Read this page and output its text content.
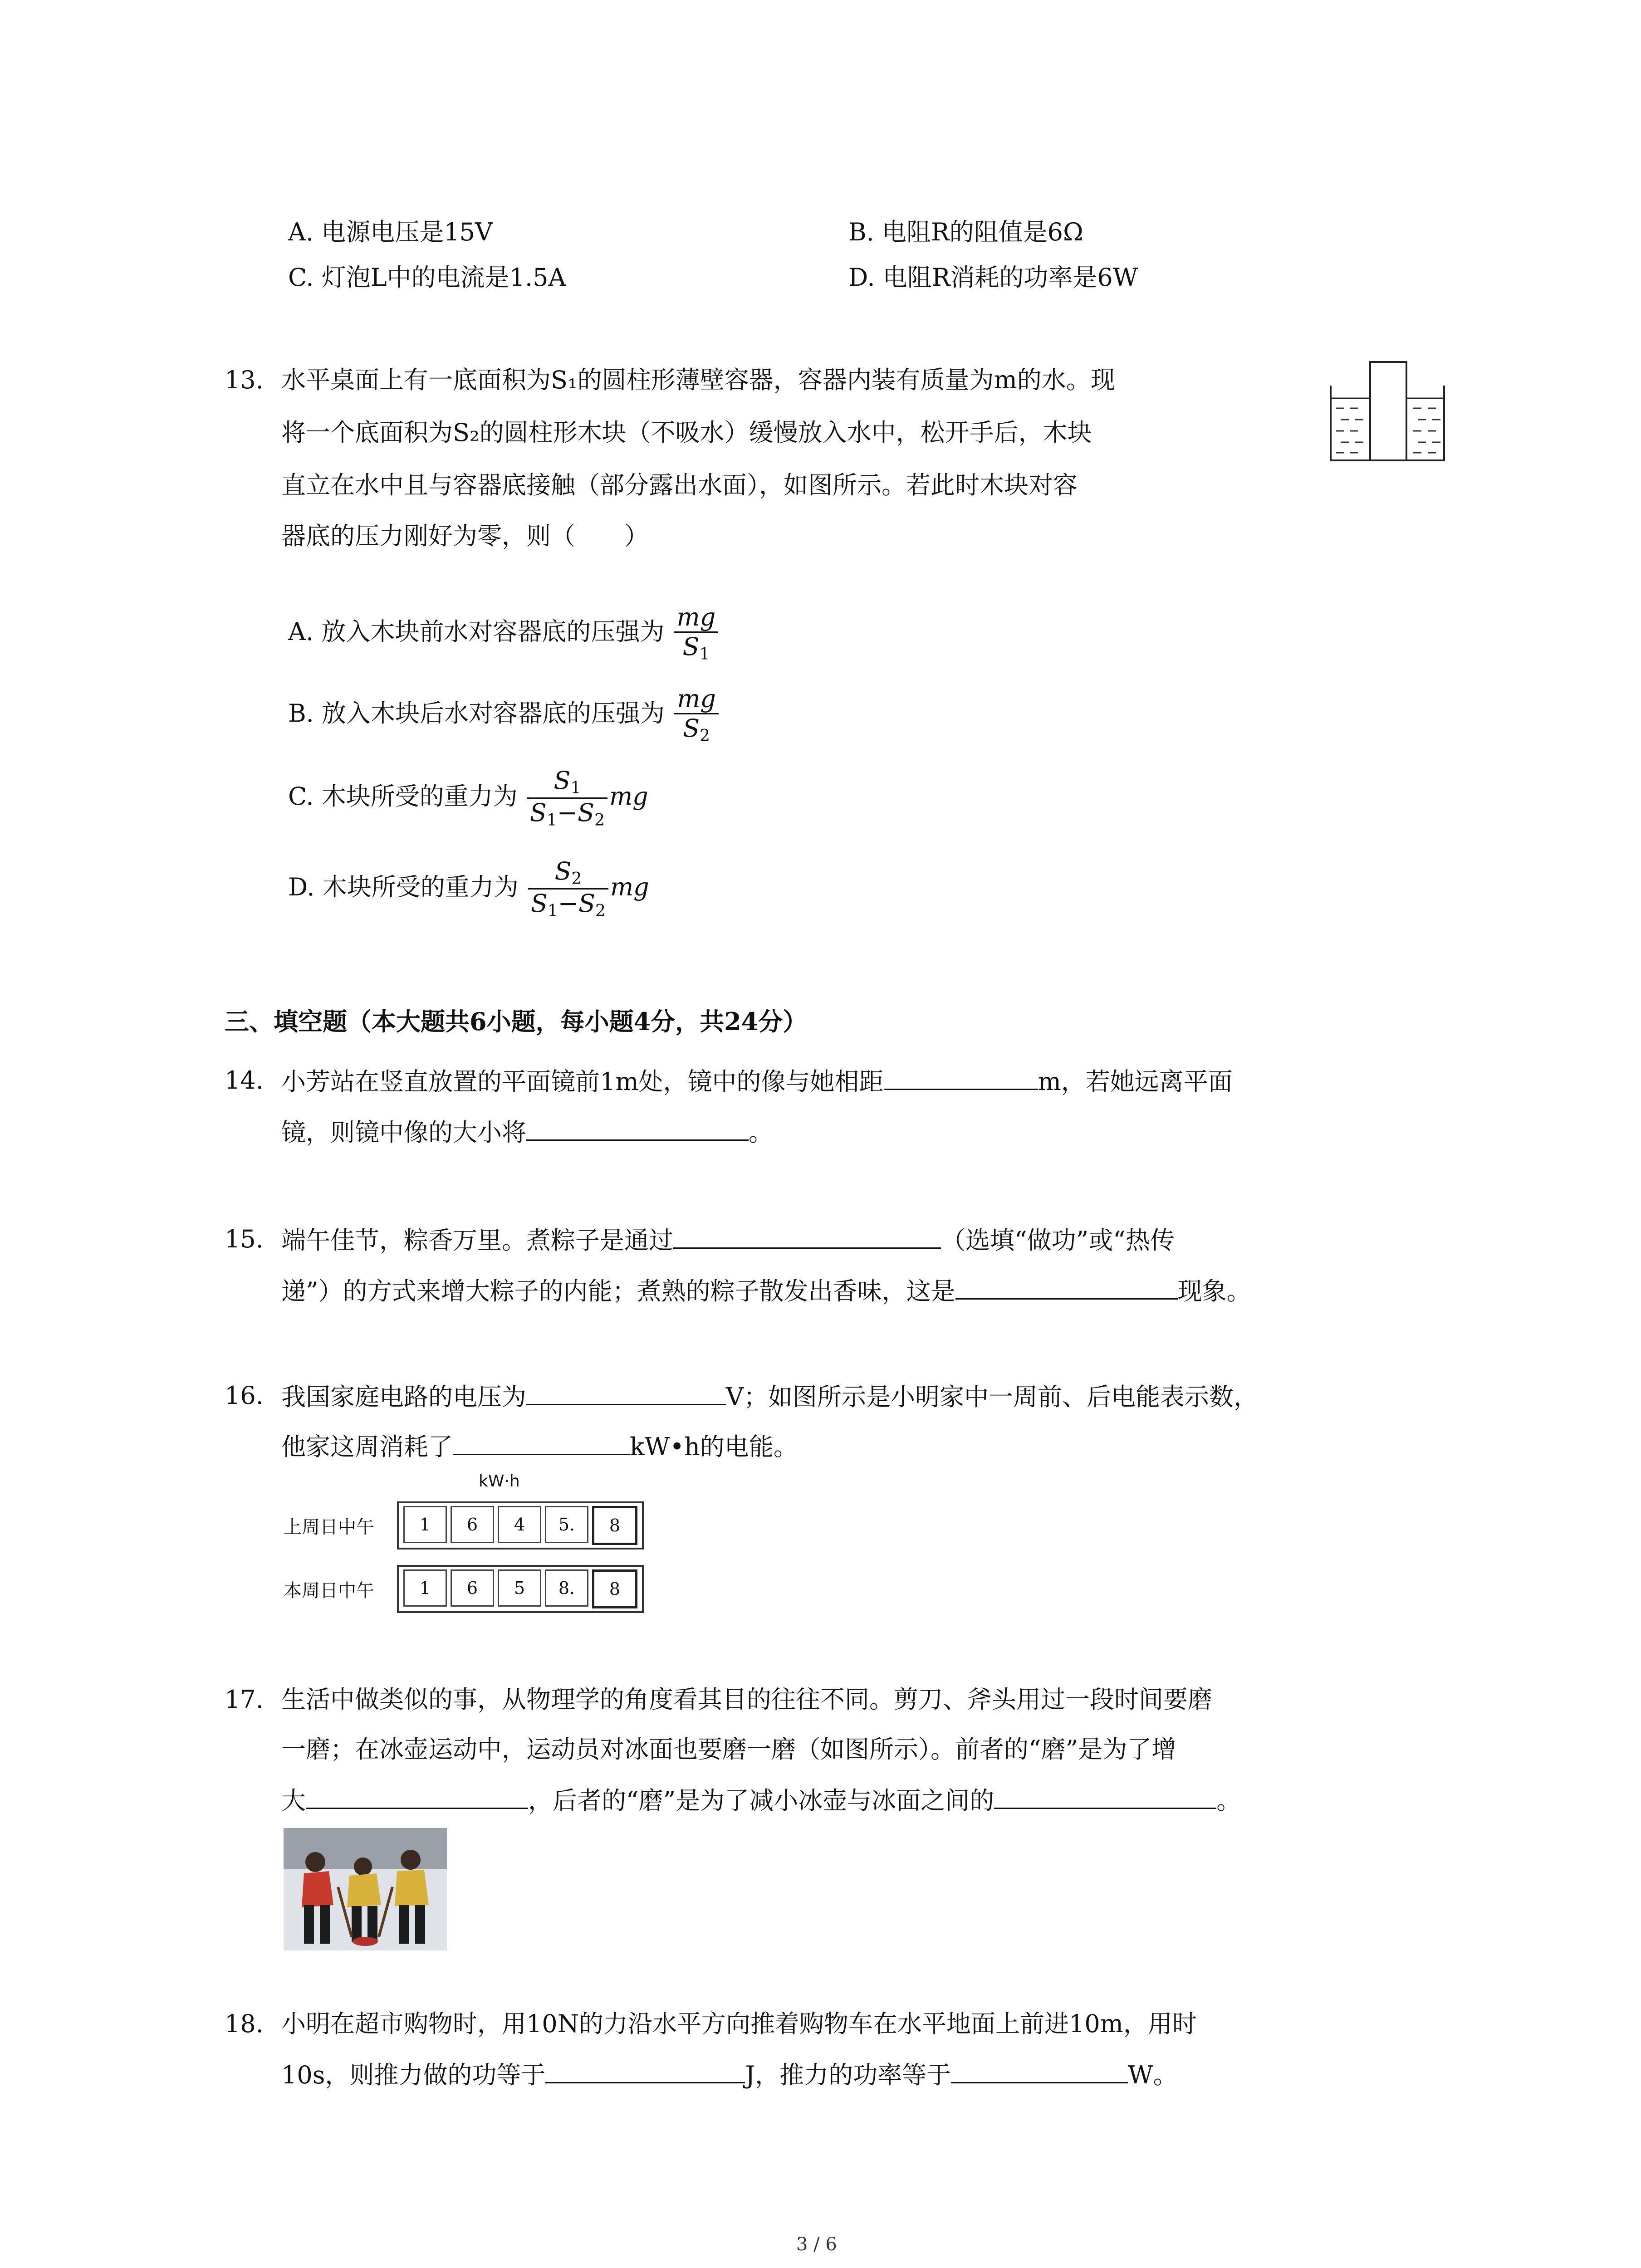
A. 电源电压是15V	B. 电阻R的阻值是6Ω
C. 灯泡L中的电流是1.5A	D. 电阻R消耗的功率是6W
13. 水平桌面上有一底面积为S₁的圆柱形薄壁容器，容器内装有质量为m的水。现
将一个底面积为S₂的圆柱形木块（不吸水）缓慢放入水中，松开手后，木块
直立在水中且与容器底接触（部分露出水面），如图所示。若此时木块对容
器底的压力刚好为零，则（　　）
A. 放入木块前水对容器底的压强为 $\frac{mg}{S_1}$
B. 放入木块后水对容器底的压强为 $\frac{mg}{S_2}$
C. 木块所受的重力为 $\frac{S_1}{S_1-S_2}$ mg
D. 木块所受的重力为 $\frac{S_2}{S_1-S_2}$ mg
三、填空题（本大题共6小题，每小题4分，共24分）
14. 小芳站在竖直放置的平面镜前1m处，镜中的像与她相距	m，若她远离平面
镜，则镜中像的大小将	。
15. 端午佳节，粽香万里。煮粽子是通过	（选填“做功”或“热传
递”）的方式来增大粽子的内能；煮熟的粽子散发出香味，这是	现象。
16. 我国家庭电路的电压为	V；如图所示是小明家中一周前、后电能表示数，
他家这周消耗了	kW•h的电能。
kW·h
上周日中午	1	6	4	5.	8
本周日中午	1	6	5	8.	8
17. 生活中做类似的事，从物理学的角度看其目的往往不同。剪刀、斧头用过一段时间要磨
一磨；在冰壶运动中，运动员对冰面也要磨一磨（如图所示）。前者的“磨”是为了增
大	，后者的“磨”是为了减小冰壶与冰面之间的	。
18. 小明在超市购物时，用10N的力沿水平方向推着购物车在水平地面上前进10m，用时
10s，则推力做的功等于	J，推力的功率等于	W。
3 / 6
